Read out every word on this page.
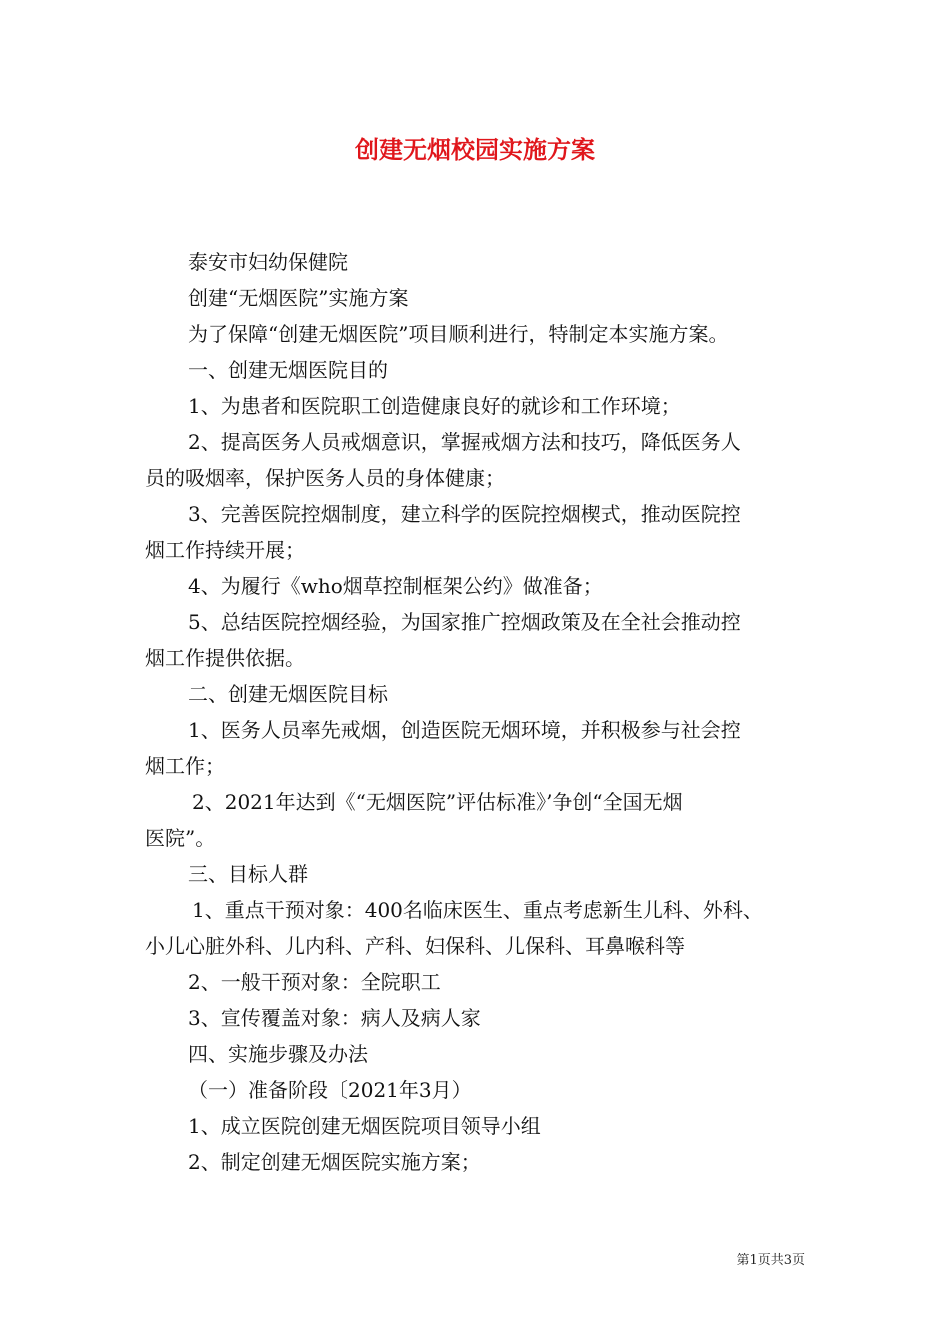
创建无烟校园实施方案

泰安市妇幼保健院

创建“无烟医院”实施方案

为了保障“创建无烟医院”项目顺利进行，特制定本实施方案。

一、创建无烟医院目的

1、为患者和医院职工创造健康良好的就诊和工作环境；

2、提高医务人员戒烟意识，掌握戒烟方法和技巧，降低医务人
员的吸烟率，保护医务人员的身体健康；

3、完善医院控烟制度，建立科学的医院控烟楔式，推动医院控
烟工作持续开展；

4、为履行《who烟草控制框架公约》做准备；

5、总结医院控烟经验，为国家推广控烟政策及在全社会推动控
烟工作提供依据。

二、创建无烟医院目标

1、医务人员率先戒烟，创造医院无烟环境，并积极参与社会控
烟工作；

2、2021年达到《“无烟医院”评估标准》’争创“全国无烟
医院”。

三、目标人群

1、重点干预对象：400名临床医生、重点考虑新生儿科、外科、
小儿心脏外科、儿内科、产科、妇保科、儿保科、耳鼻喉科等

2、一般干预对象：全院职工

3、宣传覆盖对象：病人及病人家

四、实施步骤及办法

（一）准备阶段〔2021年3月）

1、成立医院创建无烟医院项目领导小组

2、制定创建无烟医院实施方案；

第1页共3页
